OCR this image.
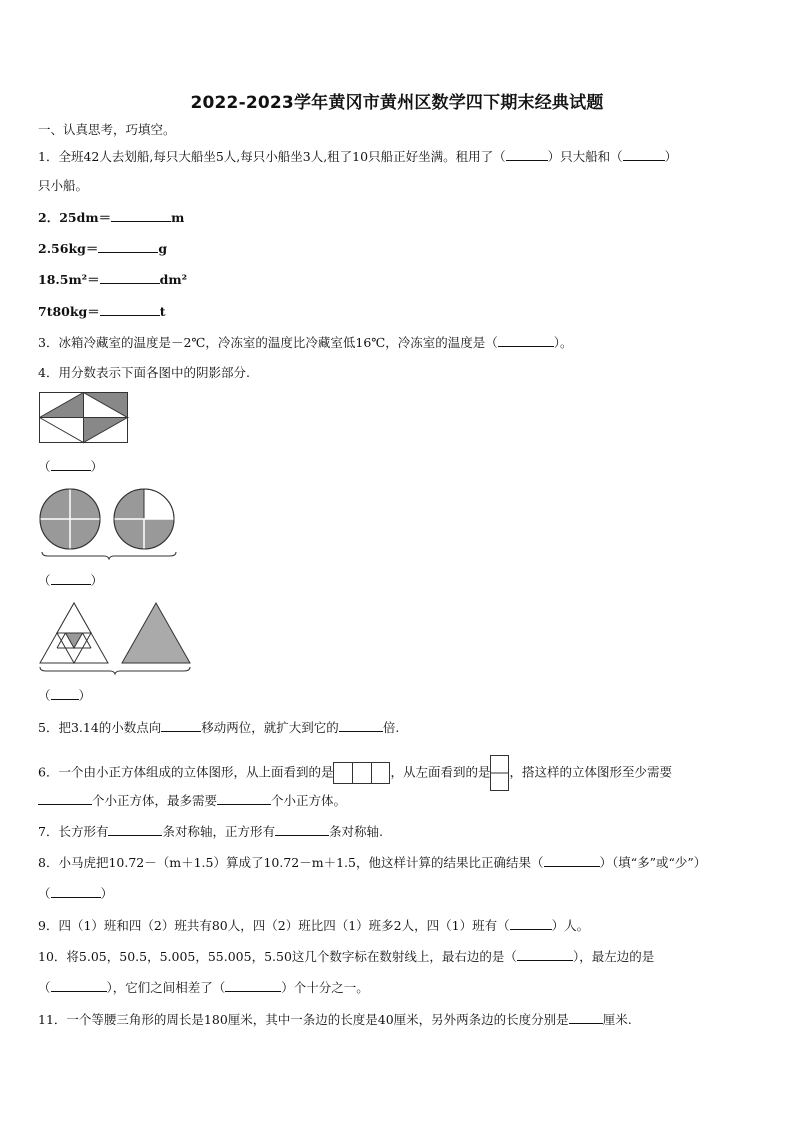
2022-2023学年黄冈市黄州区数学四下期末经典试题
一、认真思考，巧填空。
1．全班42人去划船,每只大船坐5人,每只小船坐3人,租了10只船正好坐满。租用了（	）只大船和（	）
只小船。
2．25dm＝	m
2.56kg＝	g
18.5m²＝	dm²
7t80kg＝	t
3．冰箱冷藏室的温度是－2℃，冷冻室的温度比冷藏室低16℃，冷冻室的温度是（	）。
4．用分数表示下面各图中的阴影部分.
（	）
（	）
（ ）
5．把3.14的小数点向	移动两位，就扩大到它的	倍.
6．一个由小正方体组成的立体图形，从上面看到的是	，从左面看到的是 ，搭这样的立体图形至少需要
个小正方体，最多需要	个小正方体。
7．长方形有	条对称轴，正方形有	条对称轴.
8．小马虎把10.72－（m＋1.5）算成了10.72－m＋1.5，他这样计算的结果比正确结果（	）（填“多”或“少”）
（	）
9．四（1）班和四（2）班共有80人，四（2）班比四（1）班多2人，四（1）班有（	）人。
10．将5.05，50.5，5.005，55.005，5.50这几个数字标在数射线上，最右边的是（	），最左边的是
（	），它们之间相差了（	）个十分之一。
11．一个等腰三角形的周长是180厘米，其中一条边的长度是40厘米，另外两条边的长度分别是	厘米.
